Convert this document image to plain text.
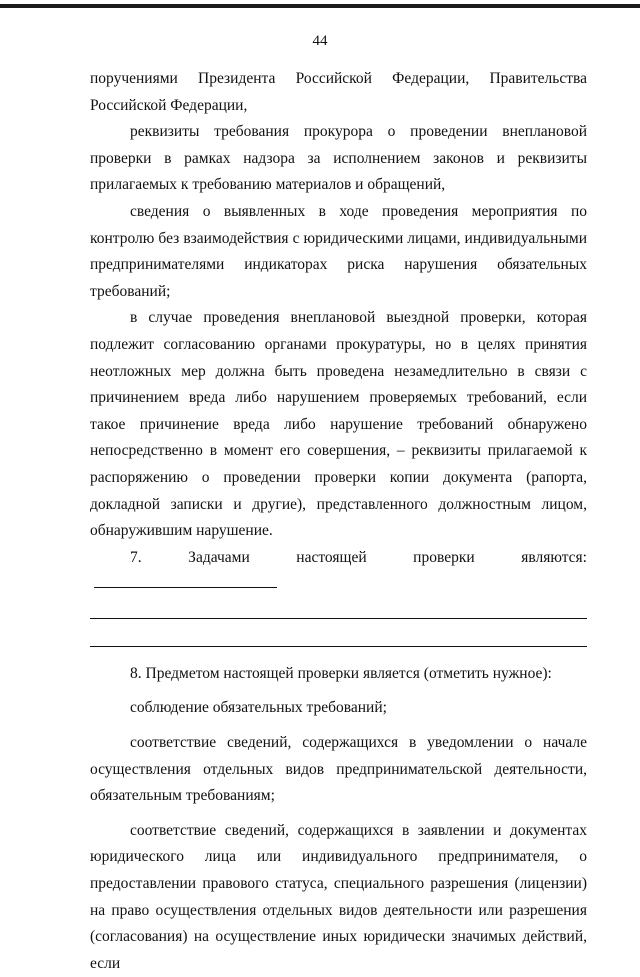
44

поручениями Президента Российской Федерации, Правительства Российской Федерации,

реквизиты требования прокурора о проведении внеплановой проверки в рамках надзора за исполнением законов и реквизиты прилагаемых к требованию материалов и обращений,

сведения о выявленных в ходе проведения мероприятия по контролю без взаимодействия с юридическими лицами, индивидуальными предпринимателями индикаторах риска нарушения обязательных требований;

в случае проведения внеплановой выездной проверки, которая подлежит согласованию органами прокуратуры, но в целях принятия неотложных мер должна быть проведена незамедлительно в связи с причинением вреда либо нарушением проверяемых требований, если такое причинение вреда либо нарушение требований обнаружено непосредственно в момент его совершения, – реквизиты прилагаемой к распоряжению о проведении проверки копии документа (рапорта, докладной записки и другие), представленного должностным лицом, обнаружившим нарушение.

7. Задачами настоящей проверки являются:

8. Предметом настоящей проверки является (отметить нужное):

соблюдение обязательных требований;

соответствие сведений, содержащихся в уведомлении о начале осуществления отдельных видов предпринимательской деятельности, обязательным требованиям;

соответствие сведений, содержащихся в заявлении и документах юридического лица или индивидуального предпринимателя, о предоставлении правового статуса, специального разрешения (лицензии) на право осуществления отдельных видов деятельности или разрешения (согласования) на осуществление иных юридически значимых действий, если
